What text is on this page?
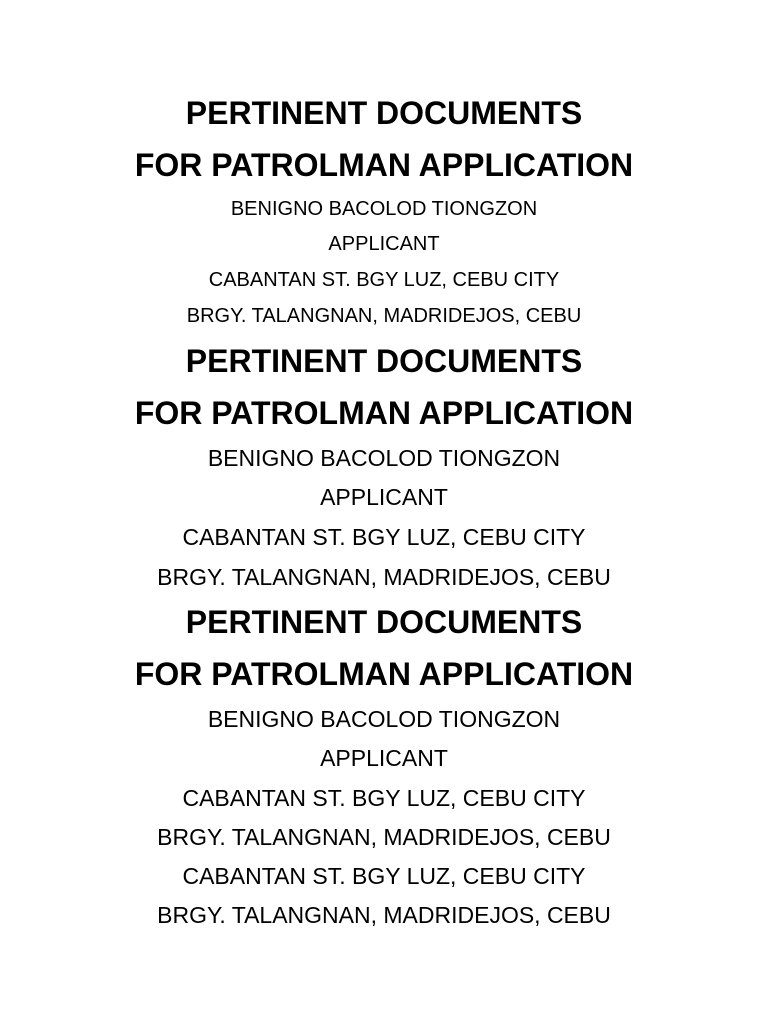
PERTINENT DOCUMENTS
FOR PATROLMAN APPLICATION
BENIGNO BACOLOD TIONGZON
APPLICANT
CABANTAN ST. BGY LUZ, CEBU CITY
BRGY. TALANGNAN, MADRIDEJOS, CEBU
PERTINENT DOCUMENTS
FOR PATROLMAN APPLICATION
BENIGNO BACOLOD TIONGZON
APPLICANT
CABANTAN ST. BGY LUZ, CEBU CITY
BRGY. TALANGNAN, MADRIDEJOS, CEBU
PERTINENT DOCUMENTS
FOR PATROLMAN APPLICATION
BENIGNO BACOLOD TIONGZON
APPLICANT
CABANTAN ST. BGY LUZ, CEBU CITY
BRGY. TALANGNAN, MADRIDEJOS, CEBU
CABANTAN ST. BGY LUZ, CEBU CITY
BRGY. TALANGNAN, MADRIDEJOS, CEBU
